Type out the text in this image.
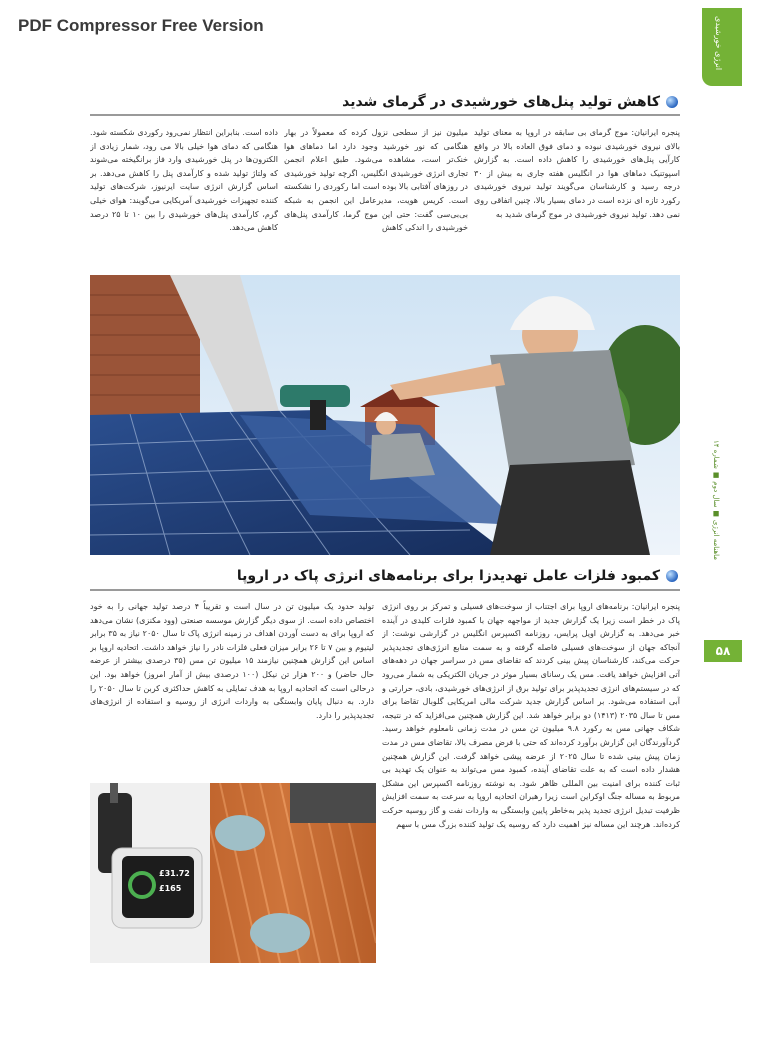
PDF Compressor Free Version	انرژی خورشیدی
ماهنامه انرژی ■ سال دوم ■ شماره ۱۴
۵۸
کاهش تولید پنل‌های خورشیدی در گرمای شدید
پنجره ایرانیان: موج گرمای بی سابقه در اروپا به معنای تولید بالای نیروی خورشیدی نبوده و دمای فوق العاده بالا در واقع کارآیی پنل‌های خورشیدی را کاهش داده است. به گزارش اسپوتنیک دماهای هوا در انگلیس هفته جاری به بیش از ۳۰ درجه رسید و کارشناسان می‌گویند تولید نیروی خورشیدی رکورد تازه ای نزده است در دمای بسیار بالا، چنین اتفاقی روی نمی دهد. تولید نیروی خورشیدی در موج گرمای شدید به
میلیون نیز از سطحی نزول کرده که معمولاً در بهار هنگامی که نور خورشید وجود دارد اما دماهای هوا خنک‌تر است، مشاهده می‌شود. طبق اعلام انجمن تجاری انرژی خورشیدی انگلیس، اگرچه تولید خورشیدی در روزهای آفتابی بالا بوده است اما رکوردی را نشکسته است. کریس هویت، مدیرعامل این انجمن به شبکه بی‌بی‌سی گفت: حتی این موج گرما، کارآمدی پنل‌های خورشیدی را اندکی کاهش
داده است. بنابراین انتظار نمی‌رود رکوردی شکسته شود. هنگامی که دمای هوا خیلی بالا می رود، شمار زیادی از الکترون‌ها در پنل خورشیدی وارد فاز برانگیخته می‌شوند که ولتاژ تولید شده و کارآمدی پنل را کاهش می‌دهد. بر اساس گزارش انرژی سایت ایرنیوز، شرکت‌های تولید کننده تجهیزات خورشیدی آمریکایی می‌گویند: هوای خیلی گرم، کارآمدی پنل‌های خورشیدی را بین ۱۰ تا ۲۵ درصد کاهش می‌دهد.
کمبود فلزات عامل تهدیدزا برای برنامه‌های انرژی پاک در اروپا
پنجره ایرانیان: برنامه‌های اروپا برای اجتناب از سوخت‌های فسیلی و تمرکز بر روی انرژی پاک در خطر است زیرا یک گزارش جدید از مواجهه جهان با کمبود فلزات کلیدی در آینده خبر می‌دهد. به گزارش اویل پرایس، روزنامه اکسپرس انگلیس در گزارشی نوشت: از آنجاکه جهان از سوخت‌های فسیلی فاصله گرفته و به سمت منابع انرژی‌های تجدیدپذیر حرکت می‌کند، کارشناسان پیش بینی کردند که تقاضای مس در سراسر جهان در دهه‌های آتی افزایش خواهد یافت. مس یک رسانای بسیار موثر در جریان الکتریکی به شمار می‌رود که در سیستم‌های انرژی تجدیدپذیر برای تولید برق از انرژی‌های خورشیدی، بادی، حرارتی و آبی استفاده می‌شود. بر اساس گزارش جدید شرکت مالی امریکایی گلوبال تقاضا برای مس تا سال ۲۰۳۵ (۱۴۱۳) دو برابر خواهد شد. این گزارش همچنین می‌افزاید که در نتیجه، شکاف جهانی مس به رکورد ۹.۸ میلیون تن مس در مدت زمانی نامعلوم خواهد رسید. گردآورندگان این گزارش برآورد کرده‌اند که حتی با فرض مصرف بالا، تقاضای مس در مدت زمان پیش بینی شده تا سال ۲۰۲۵ از عرضه پیشی خواهد گرفت. این گزارش همچنین هشدار داده است که به علت تقاضای آینده، کمبود مس می‌تواند به عنوان یک تهدید بی ثبات کننده برای امنیت بین المللی ظاهر شود. به نوشته روزنامه اکسپرس این مشکل مربوط به مساله جنگ اوکراین است زیرا رهبران اتحادیه اروپا به سرعت به سمت افزایش ظرفیت تبدیل انرژی تجدید پذیر به‌خاطر پایین وابستگی به واردات نفت و گاز روسیه حرکت کرده‌اند. هرچند این مساله نیز اهمیت دارد که روسیه یک تولید کننده بزرگ مس با سهم
تولید حدود یک میلیون تن در سال است و تقریباً ۴ درصد تولید جهانی را به خود اختصاص داده است. از سوی دیگر گزارش موسسه صنعتی (وود مکنزی) نشان می‌دهد که اروپا برای به دست آوردن اهداف در زمینه انرژی پاک تا سال ۲۰۵۰ نیاز به ۳۵ برابر لیتیوم و بین ۷ تا ۲۶ برابر میزان فعلی فلزات نادر را نیاز خواهد داشت. اتحادیه اروپا بر اساس این گزارش همچنین نیازمند ۱۵ میلیون تن مس (۳۵ درصدی بیشتر از عرضه حال حاضر) و ۲۰۰ هزار تن نیکل (۱۰۰ درصدی بیش از آمار امروز) خواهد بود. این درحالی است که اتحادیه اروپا به هدف تمایلی به کاهش حداکثری کربن تا سال ۲۰۵۰ را دارد. به دنبال پایان وابستگی به واردات انرژی از روسیه و استفاده از انرژی‌های تجدیدپذیر را دارد.
£31.72
£165
